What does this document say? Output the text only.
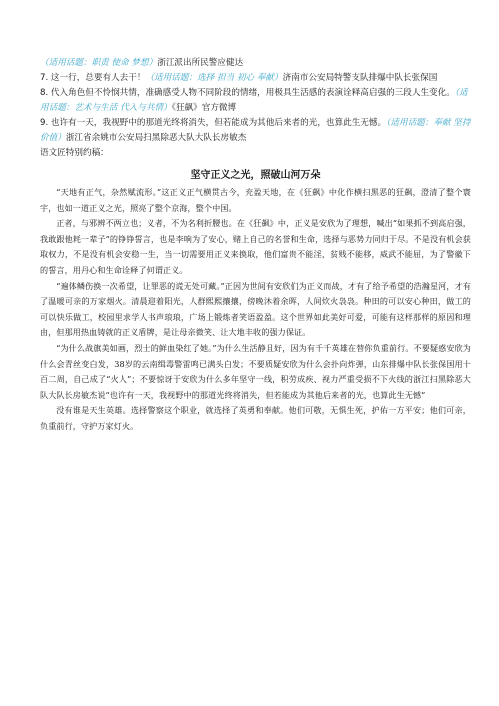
（适用话题：职责 使命 梦想）浙江派出所民警应健达
7. 这一行，总要有人去干！（适用话题：选择 担当 初心 奉献）济南市公安局特警支队排爆中队长张保国
8. 代入角色但不怜悯共情，准确感受人物不同阶段的情绪，用极具生活感的表演诠释高启强的三段人生变化。（适用话题：艺术与生活 代入与共情）《狂飙》官方微博
9. 也许有一天，我视野中的那道光终将消失，但若能成为其他后来者的光，也算此生无憾。（适用话题：奉献 坚持 价值）浙江省余姚市公安局扫黑除恶大队大队长房敏杰
语文匠特别约稿：
坚守正义之光，照破山河万朵

“天地有正气，杂然赋流形。”这正义正气横贯古今，充盈天地，在《狂飙》中化作横扫黑恶的狂飙，澄清了整个寰宇，也如一道正义之光，照亮了整个京海，整个中国。

正者，与邪辨不两立也；义者，不为名利折腰也。在《狂飙》中，正义是安欣为了理想，喊出“如果抓不到高启强，我敢跟他耗一辈子”的铮铮誓言，也是李响为了安心，赌上自己的名誉和生命，选择与恶势力同归于尽。不是没有机会获取权力，不是没有机会安稳一生，当一切需要用正义来换取，他们富贵不能淫，贫贱不能移，威武不能屈，为了警徽下的誓言，用丹心和生命诠释了何谓正义。

“遍体鳞伤换一次希望，让罪恶的谎无处可藏。”正因为世间有安欣们为正义而战，才有了给予希望的浩瀚星河，才有了温暖可亲的万家烟火。清晨迎着阳光，人群熙熙攘攘，傍晚沐着余晖，人间炊火袅袅。种田的可以安心种田，做工的可以快乐做工，校园里求学人书声琅琅，广场上锻炼者笑语盈盈。这个世界如此美好可爱，可能有这样那样的原因和理由，但那用热血铸就的正义盾牌，是让母亲微笑、让大地丰收的强力保证。

“为什么战旗美如画，烈士的鲜血染红了她。”为什么生活静且好，因为有千千英雄在替你负重前行。不要疑惑安欣为什么会青丝变白发，38岁的云南缉毒警雷鸣已满头白发；不要质疑安欣为什么会扑向炸弹，山东排爆中队长张保国用十百二周，自己成了“火人”；不要惊讶于安欣为什么多年坚守一线，积劳成疾、视力严重受损不下火线的浙江扫黑除恶大队大队长房敏杰说“也许有一天，我视野中的那道光终将消失，但若能成为其他后来者的光，也算此生无憾”

没有谁是天生英雄。选择警察这个职业，就选择了英勇和奉献。他们可敬，无惧生死，护佑一方平安；他们可亲，负重前行，守护万家灯火。
